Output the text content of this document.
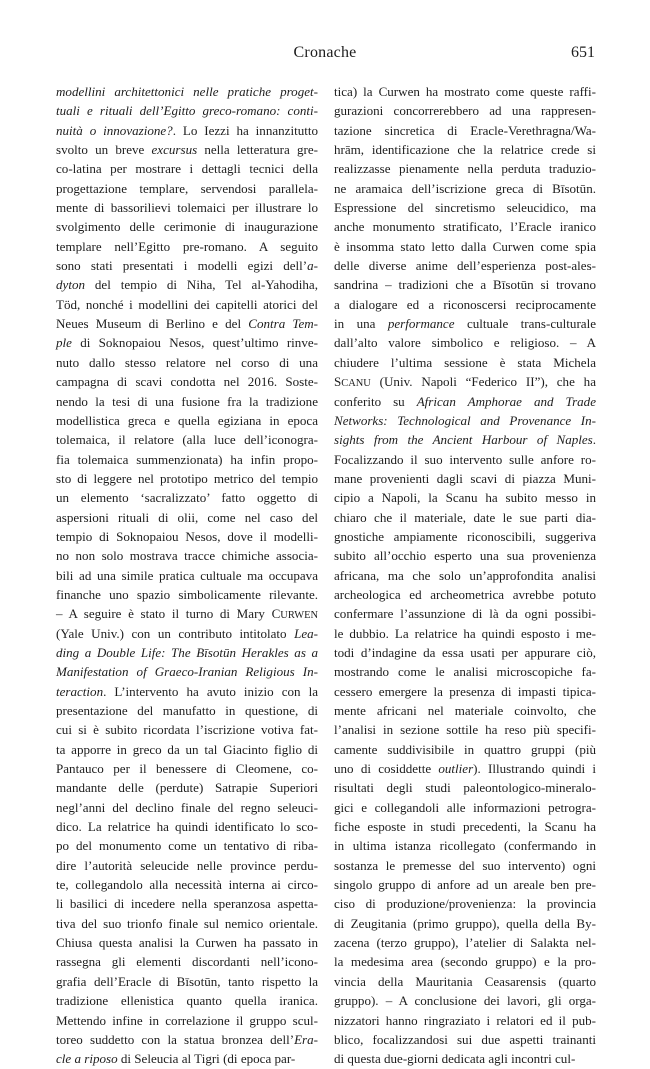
Cronache	651
modellini architettonici nelle pratiche proget-
tuali e rituali dell’Egitto greco-romano: conti-
nuità o innovazione?. Lo Iezzi ha innanzitutto
svolto un breve excursus nella letteratura gre-
co-latina per mostrare i dettagli tecnici della
progettazione templare, servendosi parallela-
mente di bassorilievi tolemaici per illustrare lo
svolgimento delle cerimonie di inaugurazione
templare nell’Egitto pre-romano. A seguito
sono stati presentati i modelli egizi dell’a-
dyton del tempio di Niha, Tel al-Yahodiha,
Töd, nonché i modellini dei capitelli atorici del
Neues Museum di Berlino e del Contra Tem-
ple di Soknopaiou Nesos, quest’ultimo rinve-
nuto dallo stesso relatore nel corso di una
campagna di scavi condotta nel 2016. Soste-
nendo la tesi di una fusione fra la tradizione
modellistica greca e quella egiziana in epoca
tolemaica, il relatore (alla luce dell’iconogra-
fia tolemaica summenzionata) ha infin propo-
sto di leggere nel prototipo metrico del tempio
un elemento ‘sacralizzato’ fatto oggetto di
aspersioni rituali di olii, come nel caso del
tempio di Soknopaiou Nesos, dove il modelli-
no non solo mostrava tracce chimiche associa-
bili ad una simile pratica cultuale ma occupava
finanche uno spazio simbolicamente rilevante.
– A seguire è stato il turno di Mary CURWEN
(Yale Univ.) con un contributo intitolato Lea-
ding a Double Life: The Bīsotūn Herakles as a
Manifestation of Graeco-Iranian Religious In-
teraction. L’intervento ha avuto inizio con la
presentazione del manufatto in questione, di
cui si è subito ricordata l’iscrizione votiva fat-
ta apporre in greco da un tal Giacinto figlio di
Pantauco per il benessere di Cleomene, co-
mandante delle (perdute) Satrapie Superiori
negl’anni del declino finale del regno seleuci-
dico. La relatrice ha quindi identificato lo sco-
po del monumento come un tentativo di riba-
dire l’autorità seleucide nelle province perdu-
te, collegandolo alla necessità interna ai circo-
li basilici di incedere nella speranzosa aspetta-
tiva del suo trionfo finale sul nemico orientale.
Chiusa questa analisi la Curwen ha passato in
rassegna gli elementi discordanti nell’icono-
grafia dell’Eracle di Bīsotūn, tanto rispetto la
tradizione ellenistica quanto quella iranica.
Mettendo infine in correlazione il gruppo scul-
toreo suddetto con la statua bronzea dell’Era-
cle a riposo di Seleucia al Tigri (di epoca par-
tica) la Curwen ha mostrato come queste raffi-
gurazioni concorrerebbero ad una rappresen-
tazione sincretica di Eracle-Verethragna/Wa-
hrām, identificazione che la relatrice crede si
realizzasse pienamente nella perduta traduzio-
ne aramaica dell’iscrizione greca di Bīsotūn.
Espressione del sincretismo seleucidico, ma
anche monumento stratificato, l’Eracle iranico
è insomma stato letto dalla Curwen come spia
delle diverse anime dell’esperienza post-ales-
sandrina – tradizioni che a Bīsotūn si trovano
a dialogare ed a riconoscersi reciprocamente
in una performance cultuale trans-culturale
dall’alto valore simbolico e religioso. – A
chiudere l’ultima sessione è stata Michela
SCANU (Univ. Napoli “Federico II”), che ha
conferito su African Amphorae and Trade
Networks: Technological and Provenance In-
sights from the Ancient Harbour of Naples.
Focalizzando il suo intervento sulle anfore ro-
mane provenienti dagli scavi di piazza Muni-
cipio a Napoli, la Scanu ha subito messo in
chiaro che il materiale, date le sue parti dia-
gnostiche ampiamente riconoscibili, suggeriva
subito all’occhio esperto una sua provenienza
africana, ma che solo un’approfondita analisi
archeologica ed archeometrica avrebbe potuto
confermare l’assunzione di là da ogni possibi-
le dubbio. La relatrice ha quindi esposto i me-
todi d’indagine da essa usati per appurare ciò,
mostrando come le analisi microscopiche fa-
cessero emergere la presenza di impasti tipica-
mente africani nel materiale coinvolto, che
l’analisi in sezione sottile ha reso più specifi-
camente suddivisibile in quattro gruppi (più
uno di cosiddette outlier). Illustrando quindi i
risultati degli studi paleontologico-mineralo-
gici e collegandoli alle informazioni petrogra-
fiche esposte in studi precedenti, la Scanu ha
in ultima istanza ricollegato (confermando in
sostanza le premesse del suo intervento) ogni
singolo gruppo di anfore ad un areale ben pre-
ciso di produzione/provenienza: la provincia
di Zeugitania (primo gruppo), quella della By-
zacena (terzo gruppo), l’atelier di Salakta nel-
la medesima area (secondo gruppo) e la pro-
vincia della Mauritania Ceasarensis (quarto
gruppo). – A conclusione dei lavori, gli orga-
nizzatori hanno ringraziato i relatori ed il pub-
blico, focalizzandosi sui due aspetti trainanti
di questa due-giorni dedicata agli incontri cul-
